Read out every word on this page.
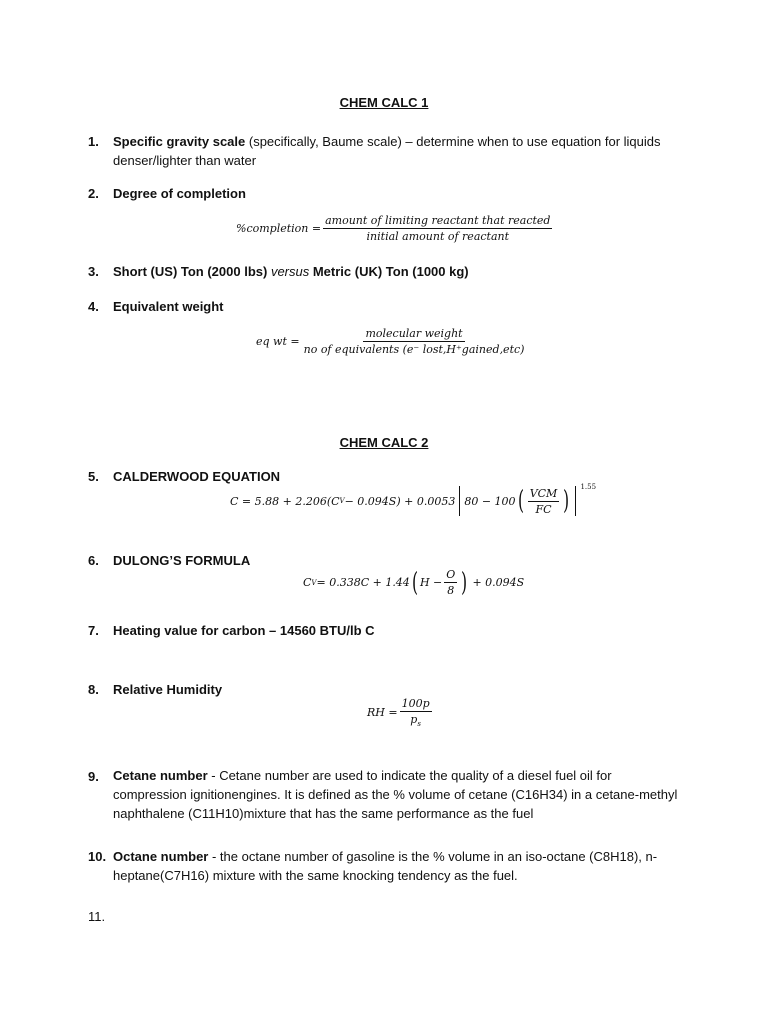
CHEM CALC 1
CHEM CALC 2
1. Specific gravity scale (specifically, Baume scale) – determine when to use equation for liquids denser/lighter than water
2. Degree of completion
%completion = $\frac{\text{amount of limiting reactant that reacted}}{\text{initial amount of reactant}}$
3. Short (US) Ton (2000 lbs) versus Metric (UK) Ton (1000 kg)
4. Equivalent weight
eq wt = $\frac{\text{molecular weight}}{\text{no of equivalents (e⁻ lost,H⁺gained,etc)}}$
5. CALDERWOOD EQUATION
C = 5.88 + 2.206(C V − 0.094S) + 0.0053 80 − 100 ( $\frac{\text{VCM}}{FC}$ ) $^{1.55}$
6. DULONG’S FORMULA
C V = 0.338C + 1.44 ( $H - \frac{O}{8}$ ) + 0.094S
7. Heating value for carbon – 14560 BTU/lb C
8. Relative Humidity
RH = $\frac{100p}{p_s}$
9. Cetane number - Cetane number are used to indicate the quality of a diesel fuel oil for compression ignitionengines. It is defined as the % volume of cetane (C16H34) in a cetane-methyl naphthalene (C11H10)mixture that has the same performance as the fuel
10. Octane number - the octane number of gasoline is the % volume in an iso-octane (C8H18), n-heptane(C7H16) mixture with the same knocking tendency as the fuel.
11.
